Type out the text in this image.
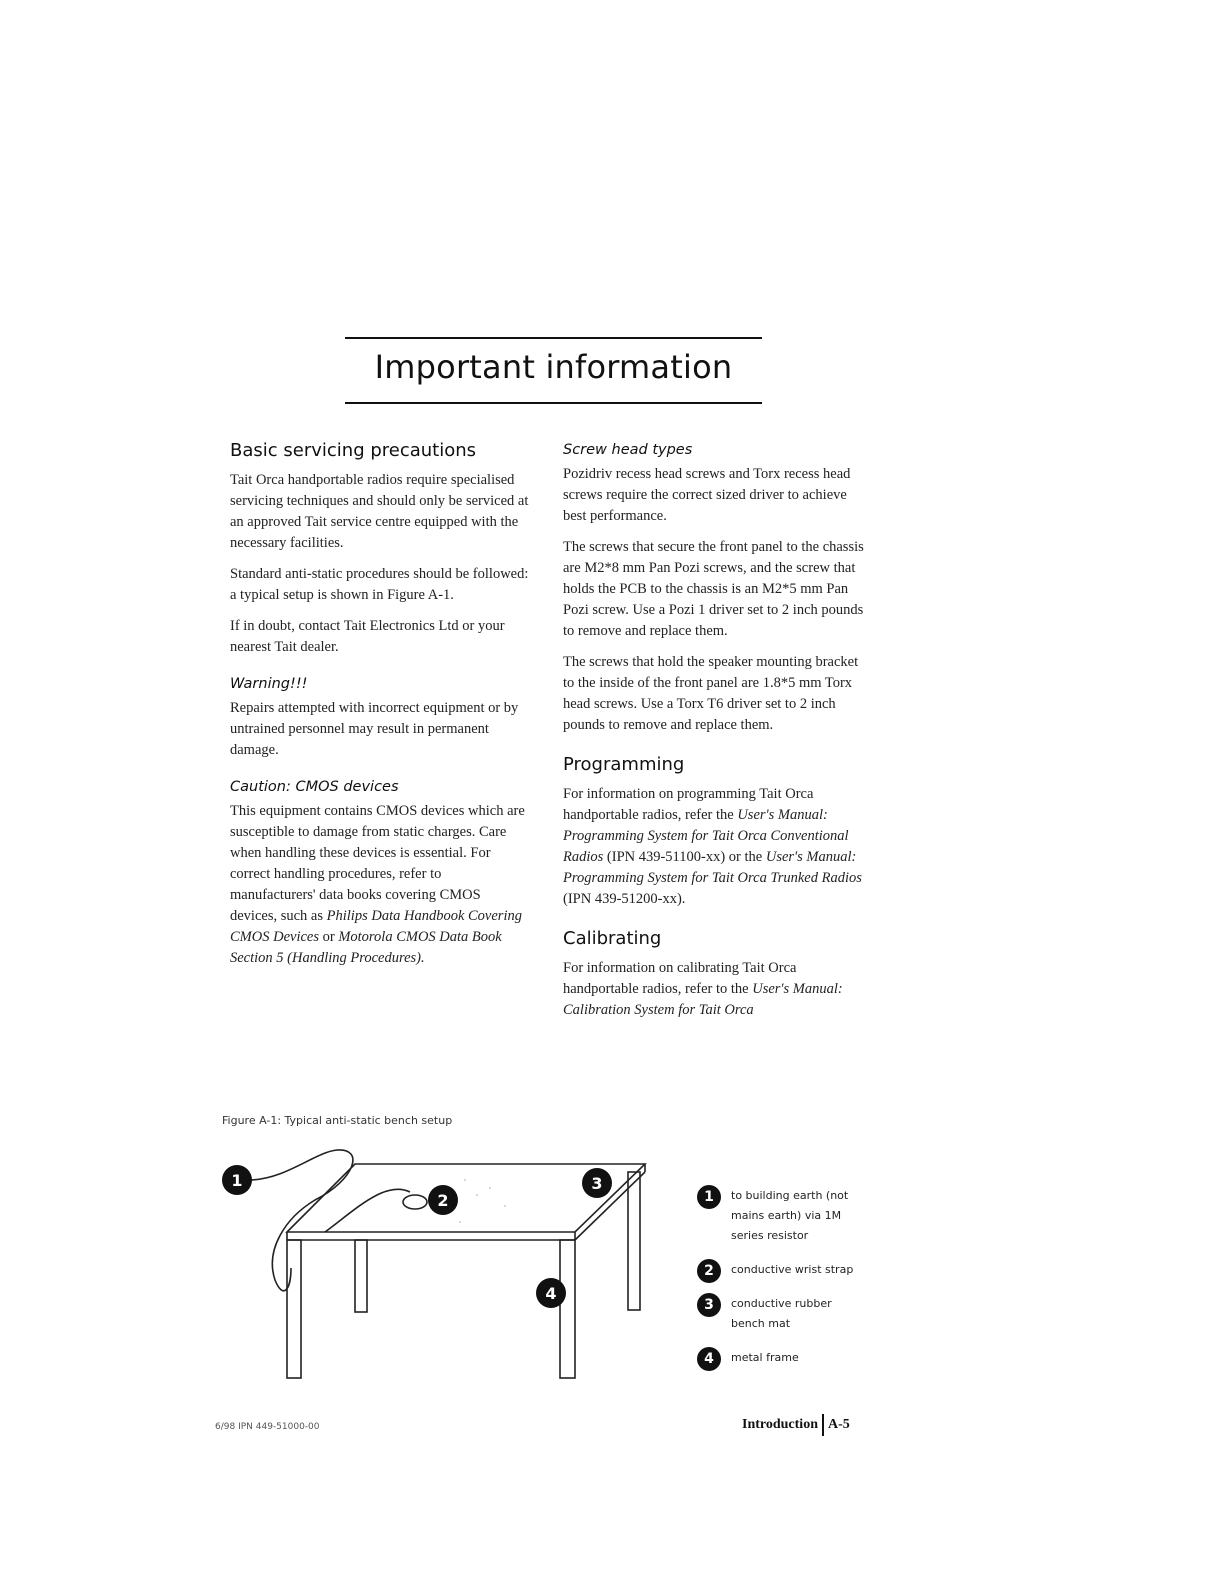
Important information
Basic servicing precautions
Tait Orca handportable radios require specialised servicing techniques and should only be serviced at an approved Tait service centre equipped with the necessary facilities.
Standard anti-static procedures should be followed: a typical setup is shown in Figure A-1.
If in doubt, contact Tait Electronics Ltd or your nearest Tait dealer.
Warning!!!
Repairs attempted with incorrect equipment or by untrained personnel may result in permanent damage.
Caution: CMOS devices
This equipment contains CMOS devices which are susceptible to damage from static charges. Care when handling these devices is essential. For correct handling procedures, refer to manufacturers' data books covering CMOS devices, such as Philips Data Handbook Covering CMOS Devices or Motorola CMOS Data Book Section 5 (Handling Procedures).
Screw head types
Pozidriv recess head screws and Torx recess head screws require the correct sized driver to achieve best performance.
The screws that secure the front panel to the chassis are M2*8 mm Pan Pozi screws, and the screw that holds the PCB to the chassis is an M2*5 mm Pan Pozi screw. Use a Pozi 1 driver set to 2 inch pounds to remove and replace them.
The screws that hold the speaker mounting bracket to the inside of the front panel are 1.8*5 mm Torx head screws. Use a Torx T6 driver set to 2 inch pounds to remove and replace them.
Programming
For information on programming Tait Orca handportable radios, refer the User's Manual: Programming System for Tait Orca Conventional Radios (IPN 439-51100-xx) or the User's Manual: Programming System for Tait Orca Trunked Radios (IPN 439-51200-xx).
Calibrating
For information on calibrating Tait Orca handportable radios, refer to the User's Manual: Calibration System for Tait Orca
Figure A-1: Typical anti-static bench setup
1
2
3
4
1	to building earth (not mains earth) via 1M series resistor
2	conductive wrist strap
3	conductive rubber bench mat
4	metal frame
6/98 IPN 449-51000-00	Introduction A-5
